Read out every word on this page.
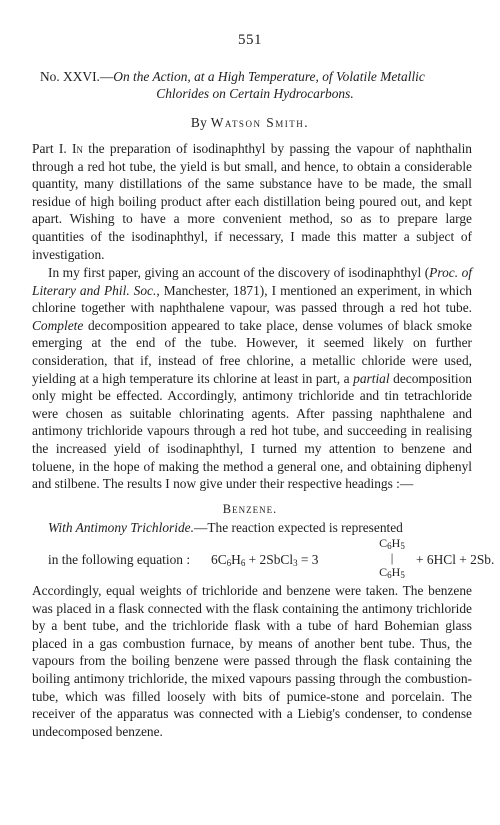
551
No. XXVI.—On the Action, at a High Temperature, of Volatile Metallic
Chlorides on Certain Hydrocarbons.
By Watson Smith.
Part I. In the preparation of isodinaphthyl by passing the vapour of naphthalin through a red hot tube, the yield is but small, and hence, to obtain a considerable quantity, many distillations of the same substance have to be made, the small residue of high boiling product after each distillation being poured out, and kept apart. Wishing to have a more convenient method, so as to prepare large quantities of the isodinaphthyl, if necessary, I made this matter a subject of investigation.
In my first paper, giving an account of the discovery of isodinaphthyl (Proc. of Literary and Phil. Soc., Manchester, 1871), I mentioned an experiment, in which chlorine together with naphthalene vapour, was passed through a red hot tube. Complete decomposition appeared to take place, dense volumes of black smoke emerging at the end of the tube. However, it seemed likely on further consideration, that if, instead of free chlorine, a metallic chloride were used, yielding at a high temperature its chlorine at least in part, a partial decomposition only might be effected. Accordingly, antimony trichloride and tin tetrachloride were chosen as suitable chlorinating agents. After passing naphthalene and antimony trichloride vapours through a red hot tube, and succeeding in realising the increased yield of isodinaphthyl, I turned my attention to benzene and toluene, in the hope of making the method a general one, and obtaining diphenyl and stilbene. The results I now give under their respective headings :—
Benzene.
With Antimony Trichloride.—The reaction expected is represented
in the following equation : $6C_6H_6$ + 2SbCl$_3$ = 3
$C_6H_5$
|
$C_6H_5$
+ 6HCl + 2Sb.
Accordingly, equal weights of trichloride and benzene were taken. The benzene was placed in a flask connected with the flask containing the antimony trichloride by a bent tube, and the trichloride flask with a tube of hard Bohemian glass placed in a gas combustion furnace, by means of another bent tube. Thus, the vapours from the boiling benzene were passed through the flask containing the boiling antimony trichloride, the mixed vapours passing through the combustion-tube, which was filled loosely with bits of pumice-stone and porcelain. The receiver of the apparatus was connected with a Liebig's condenser, to condense undecomposed benzene.
